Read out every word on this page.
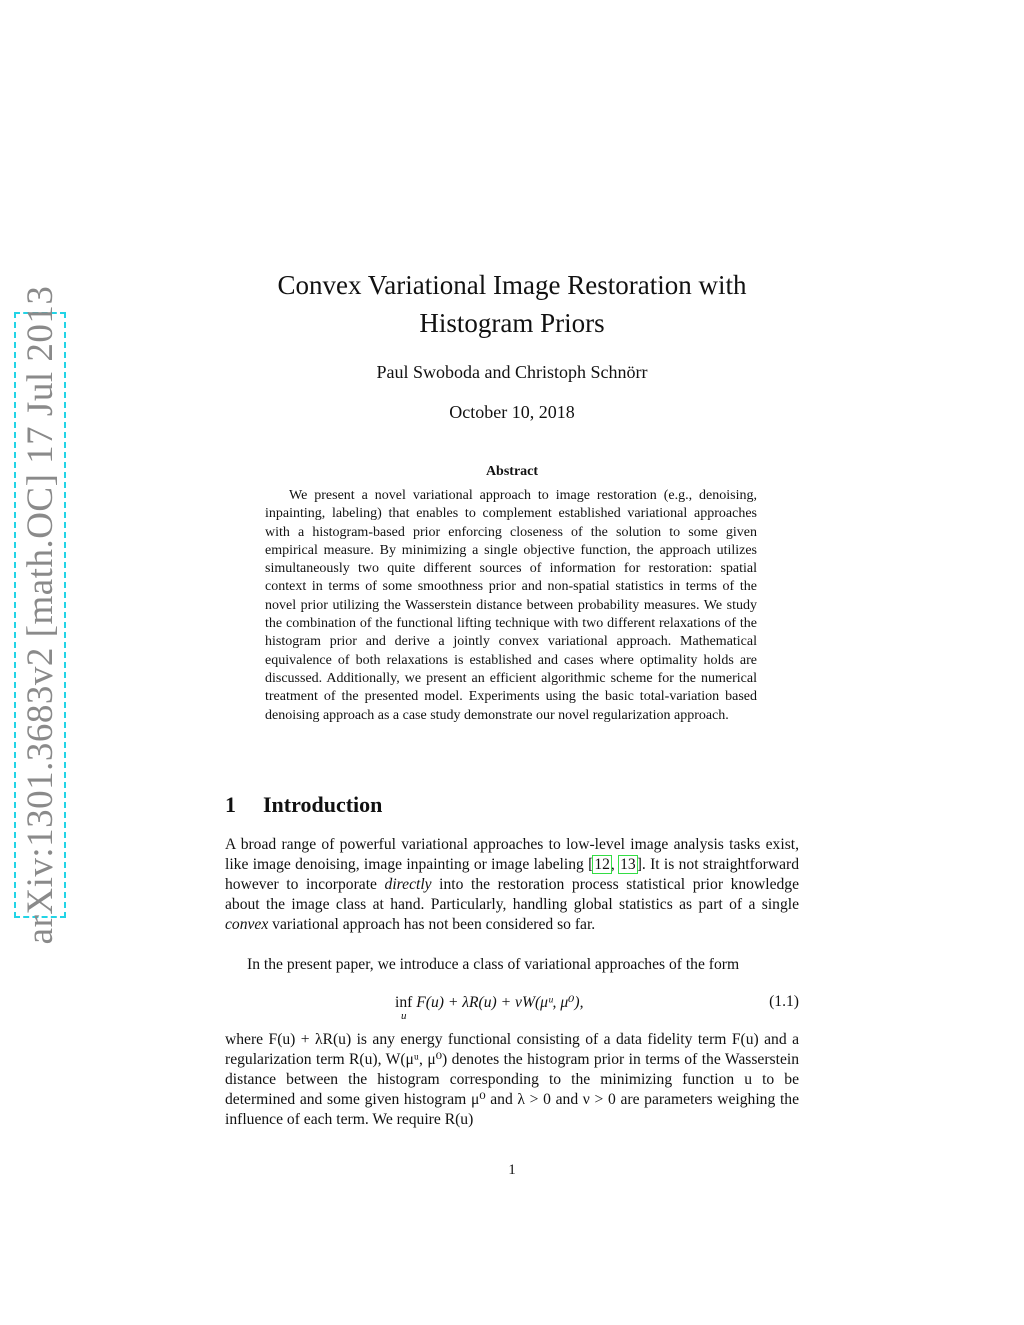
arXiv:1301.3683v2 [math.OC] 17 Jul 2013
Convex Variational Image Restoration with
Histogram Priors
Paul Swoboda and Christoph Schnörr
October 10, 2018
Abstract
We present a novel variational approach to image restoration (e.g., denoising, inpainting, labeling) that enables to complement established variational approaches with a histogram-based prior enforcing closeness of the solution to some given empirical measure. By minimizing a single objective function, the approach utilizes simultaneously two quite different sources of information for restoration: spatial context in terms of some smoothness prior and non-spatial statistics in terms of the novel prior utilizing the Wasserstein distance between probability measures. We study the combination of the functional lifting technique with two different relaxations of the histogram prior and derive a jointly convex variational approach. Mathematical equivalence of both relaxations is established and cases where optimality holds are discussed. Additionally, we present an efficient algorithmic scheme for the numerical treatment of the presented model. Experiments using the basic total-variation based denoising approach as a case study demonstrate our novel regularization approach.
1 Introduction
A broad range of powerful variational approaches to low-level image analysis tasks exist, like image denoising, image inpainting or image labeling [12, 13]. It is not straightforward however to incorporate directly into the restoration process statistical prior knowledge about the image class at hand. Particularly, handling global statistics as part of a single convex variational approach has not been considered so far.
In the present paper, we introduce a class of variational approaches of the form
inf
u
F(u) + λR(u) + νW(μᵘ, μ⁰),	(1.1)
where F(u) + λR(u) is any energy functional consisting of a data fidelity term F(u) and a regularization term R(u), W(μᵘ, μ⁰) denotes the histogram prior in terms of the Wasserstein distance between the histogram corresponding to the minimizing function u to be determined and some given histogram μ⁰ and λ > 0 and ν > 0 are parameters weighing the influence of each term. We require R(u)
1
